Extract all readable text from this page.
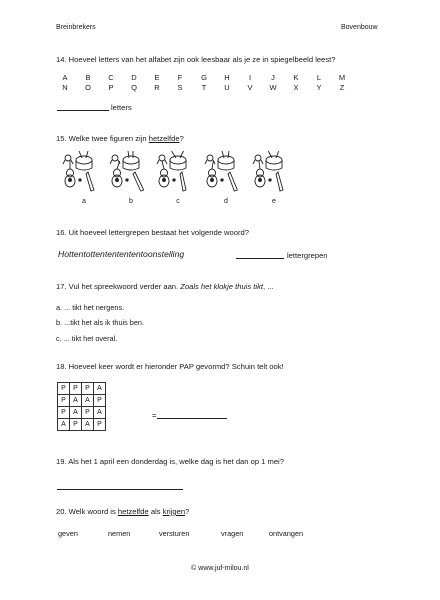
Breinbrekers	Bovenbouw
14. Hoeveel letters van het alfabet zijn ook leesbaar als je ze in spiegelbeeld leest?
A	B	C	D	E	F	G	H	I	J	K	L	M
N	O	P	Q	R	S	T	U	V	W	X	Y	Z
letters
15. Welke twee figuren zijn hetzelfde?
a	b	c	d	e
16. Uit hoeveel lettergrepen bestaat het volgende woord?
Hottentottententententoonstelling	lettergrepen
17. Vul het spreekwoord verder aan. Zoals het klokje thuis tikt, ...
a. ... tikt het nergens.
b. ...tikt het als ik thuis ben.
c. ... tikt het overal.
18. Hoeveel keer wordt er hieronder PAP gevormd? Schuin telt ook!
P	P	P	A
P	A	A	P
P	A	P	A
A	P	A	P
=
19. Als het 1 april een donderdag is, welke dag is het dan op 1 mei?
20. Welk woord is hetzelfde als krijgen?
geven	nemen	versturen	vragen	ontvangen
© www.juf-milou.nl
